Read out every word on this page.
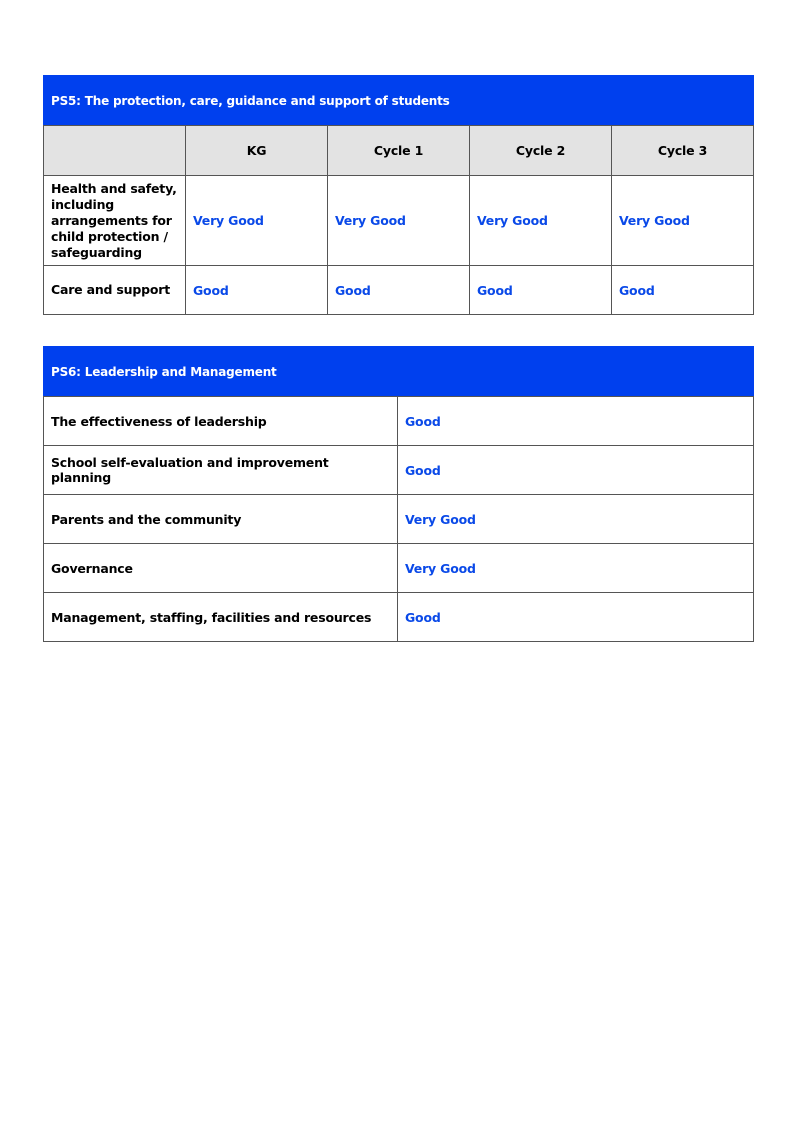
PS5: The protection, care, guidance and support of students				
	KG	Cycle 1	Cycle 2	Cycle 3
Health and safety, including arrangements for child protection / safeguarding	Very Good	Very Good	Very Good	Very Good
Care and support	Good	Good	Good	Good
PS6: Leadership and Management	
The effectiveness of leadership	Good
School self-evaluation and improvement planning	Good
Parents and the community	Very Good
Governance	Very Good
Management, staffing, facilities and resources	Good
